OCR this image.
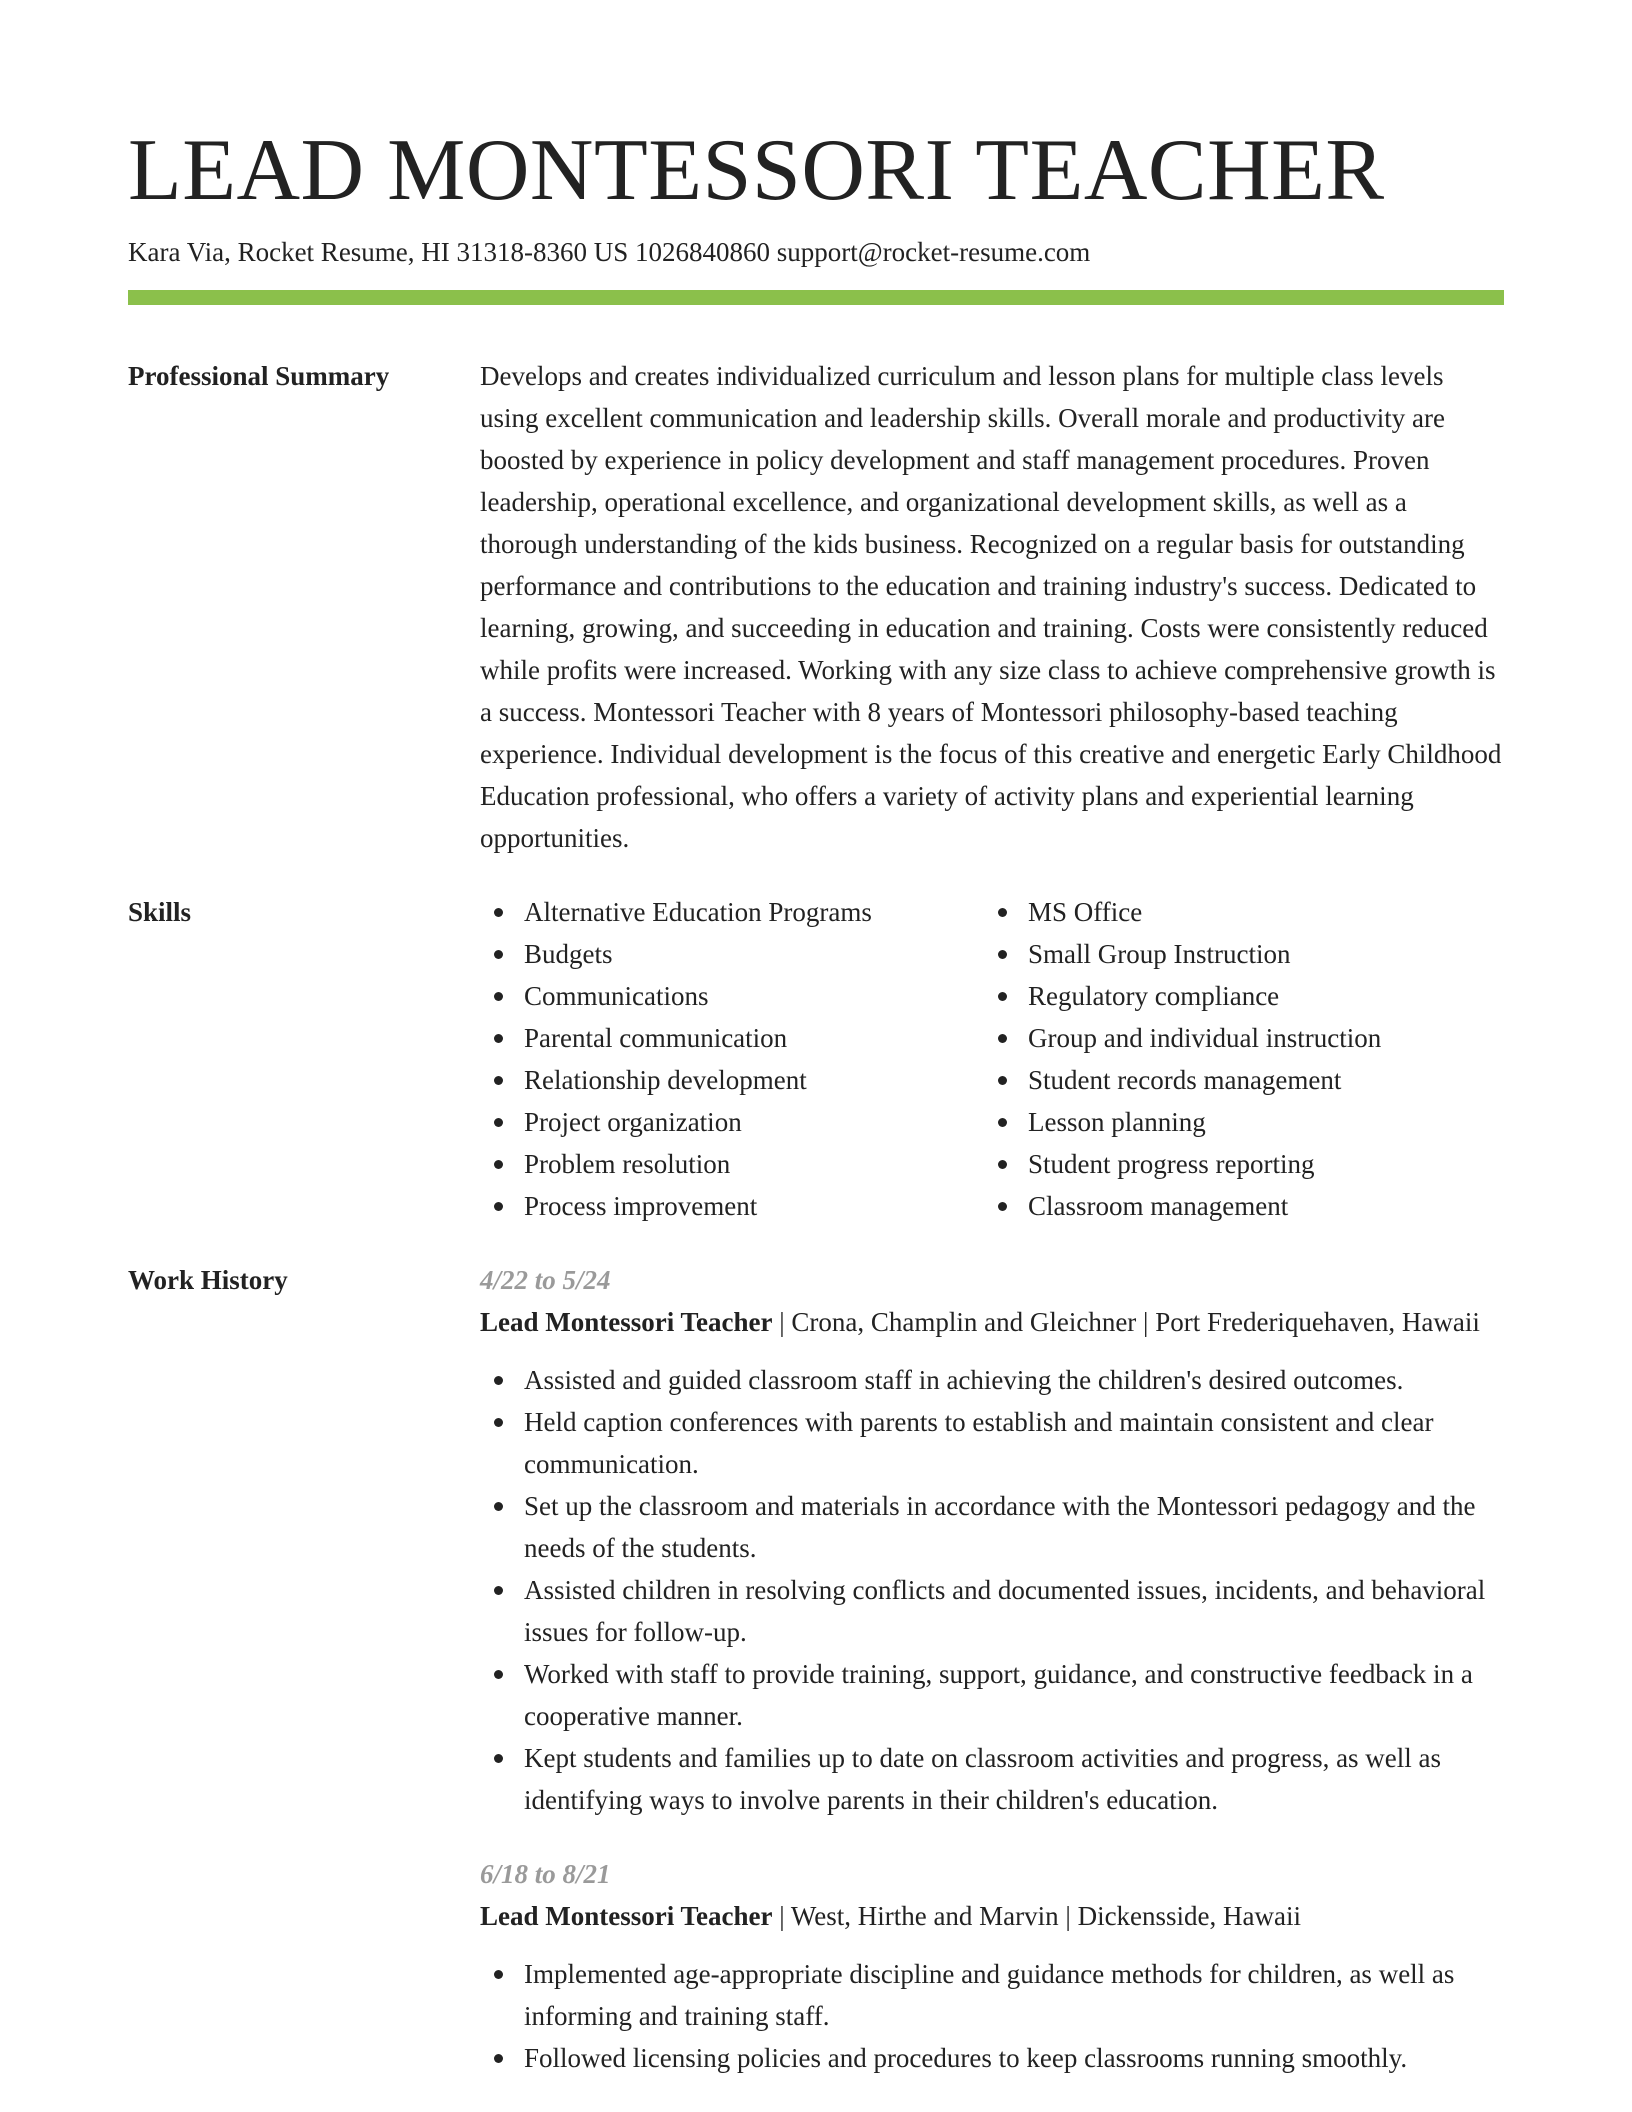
LEAD MONTESSORI TEACHER
Kara Via, Rocket Resume, HI 31318-8360 US 1026840860 support@rocket-resume.com
Professional Summary	Develops and creates individualized curriculum and lesson plans for multiple class levels using excellent communication and leadership skills. Overall morale and productivity are boosted by experience in policy development and staff management procedures. Proven leadership, operational excellence, and organizational development skills, as well as a thorough understanding of the kids business. Recognized on a regular basis for outstanding performance and contributions to the education and training industry's success. Dedicated to learning, growing, and succeeding in education and training. Costs were consistently reduced while profits were increased. Working with any size class to achieve comprehensive growth is a success. Montessori Teacher with 8 years of Montessori philosophy-based teaching experience. Individual development is the focus of this creative and energetic Early Childhood Education professional, who offers a variety of activity plans and experiential learning opportunities.
Skills	Alternative Education Programs
Budgets
Communications
Parental communication
Relationship development
Project organization
Problem resolution
Process improvement
MS Office
Small Group Instruction
Regulatory compliance
Group and individual instruction
Student records management
Lesson planning
Student progress reporting
Classroom management
Work History	4/22 to 5/24
Lead Montessori Teacher | Crona, Champlin and Gleichner | Port Frederiquehaven, Hawaii
Assisted and guided classroom staff in achieving the children's desired outcomes.
Held caption conferences with parents to establish and maintain consistent and clear communication.
Set up the classroom and materials in accordance with the Montessori pedagogy and the needs of the students.
Assisted children in resolving conflicts and documented issues, incidents, and behavioral issues for follow-up.
Worked with staff to provide training, support, guidance, and constructive feedback in a cooperative manner.
Kept students and families up to date on classroom activities and progress, as well as identifying ways to involve parents in their children's education.
6/18 to 8/21
Lead Montessori Teacher | West, Hirthe and Marvin | Dickensside, Hawaii
Implemented age-appropriate discipline and guidance methods for children, as well as informing and training staff.
Followed licensing policies and procedures to keep classrooms running smoothly.
